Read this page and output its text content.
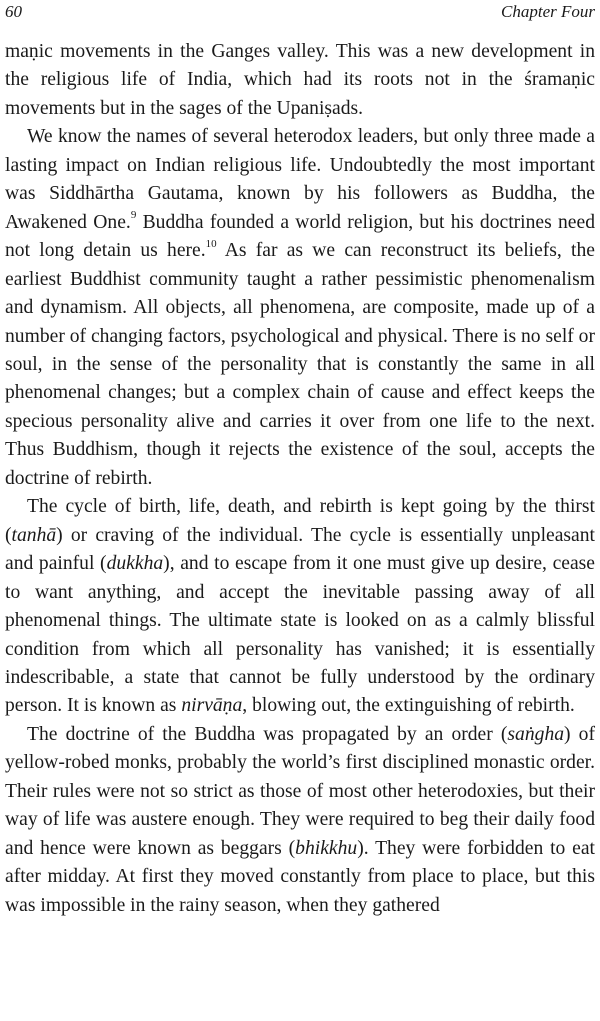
60	Chapter Four

maṇic movements in the Ganges valley. This was a new development in the religious life of India, which had its roots not in the śramaṇic movements but in the sages of the Upaniṣads.

We know the names of several heterodox leaders, but only three made a lasting impact on Indian religious life. Undoubtedly the most important was Siddhārtha Gautama, known by his followers as Buddha, the Awakened One.$^9$ Buddha founded a world religion, but his doctrines need not long detain us here.$^{10}$ As far as we can reconstruct its beliefs, the earliest Buddhist community taught a rather pessimistic phenomenalism and dynamism. All objects, all phenomena, are composite, made up of a number of changing factors, psychological and physical. There is no self or soul, in the sense of the personality that is constantly the same in all phenomenal changes; but a complex chain of cause and effect keeps the specious personality alive and carries it over from one life to the next. Thus Buddhism, though it rejects the existence of the soul, accepts the doctrine of rebirth.

The cycle of birth, life, death, and rebirth is kept going by the thirst (tanhā) or craving of the individual. The cycle is essentially unpleasant and painful (dukkha), and to escape from it one must give up desire, cease to want anything, and accept the inevitable passing away of all phenomenal things. The ultimate state is looked on as a calmly blissful condition from which all personality has vanished; it is essentially indescribable, a state that cannot be fully understood by the ordinary person. It is known as nirvāṇa, blowing out, the extinguishing of rebirth.

The doctrine of the Buddha was propagated by an order (saṅgha) of yellow-robed monks, probably the world’s first disciplined monastic order. Their rules were not so strict as those of most other heterodoxies, but their way of life was austere enough. They were required to beg their daily food and hence were known as beggars (bhikkhu). They were forbidden to eat after midday. At first they moved constantly from place to place, but this was impossible in the rainy season, when they gathered
